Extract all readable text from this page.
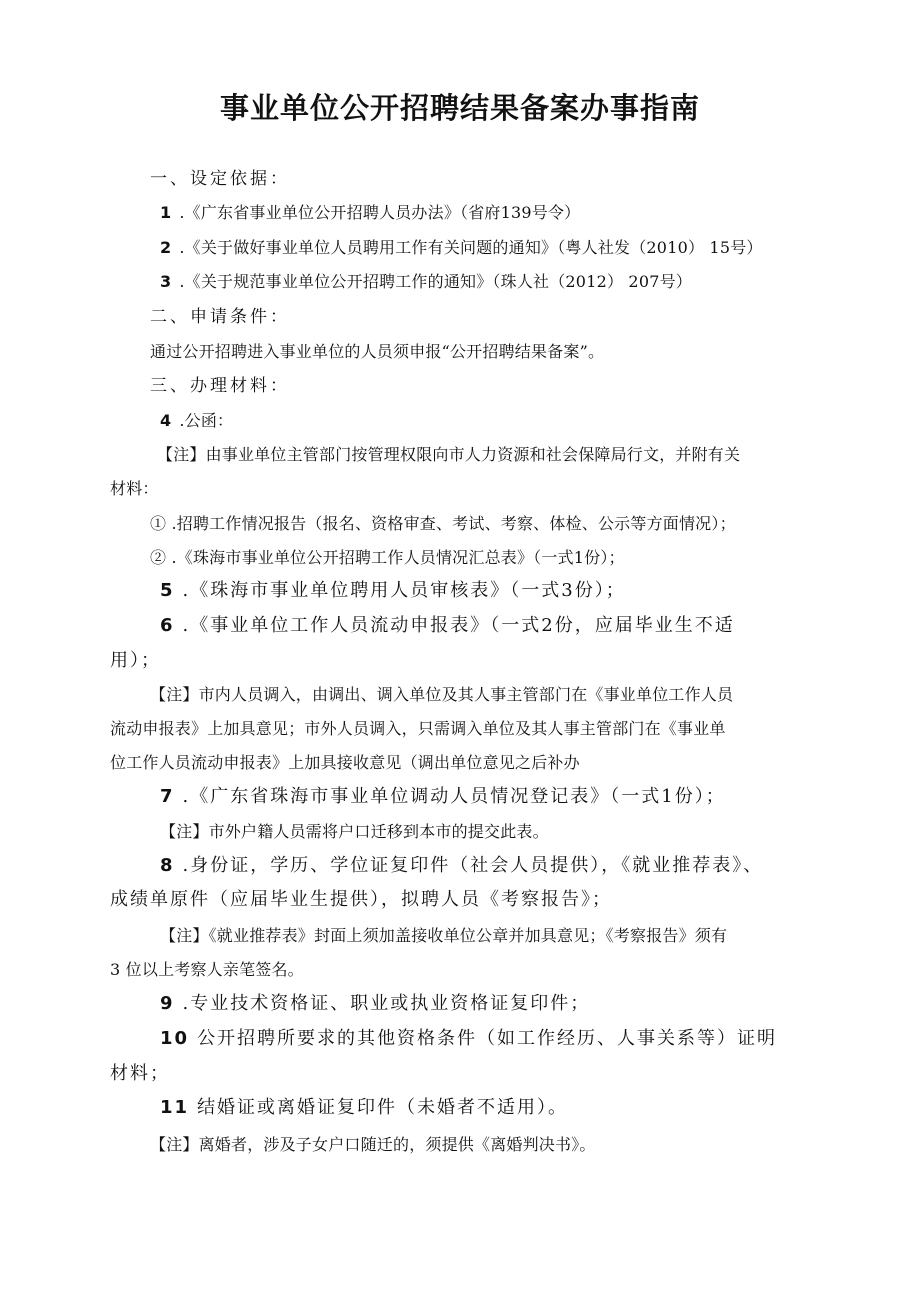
事业单位公开招聘结果备案办事指南

一、设定依据：

1 .《广东省事业单位公开招聘人员办法》（省府139号令）

2 .《关于做好事业单位人员聘用工作有关问题的通知》（粤人社发（2010） 15号）

3 .《关于规范事业单位公开招聘工作的通知》（珠人社（2012） 207号）

二、申请条件：

通过公开招聘进入事业单位的人员须申报“公开招聘结果备案”。

三、办理材料：

4 .公函：

【注】由事业单位主管部门按管理权限向市人力资源和社会保障局行文，并附有关

材料：

① .招聘工作情况报告（报名、资格审查、考试、考察、体检、公示等方面情况）；

② .《珠海市事业单位公开招聘工作人员情况汇总表》（一式1份）；

5 .《珠海市事业单位聘用人员审核表》（一式3份）；

6 .《事业单位工作人员流动申报表》（一式2份，应届毕业生不适

用）；

【注】市内人员调入，由调出、调入单位及其人事主管部门在《事业单位工作人员

流动申报表》上加具意见；市外人员调入，只需调入单位及其人事主管部门在《事业单

位工作人员流动申报表》上加具接收意见（调出单位意见之后补办

7 .《广东省珠海市事业单位调动人员情况登记表》（一式1份）；

【注】市外户籍人员需将户口迁移到本市的提交此表。

8 .身份证，学历、学位证复印件（社会人员提供），《就业推荐表》、

成绩单原件（应届毕业生提供），拟聘人员《考察报告》；

【注】《就业推荐表》封面上须加盖接收单位公章并加具意见；《考察报告》须有

3 位以上考察人亲笔签名。

9 .专业技术资格证、职业或执业资格证复印件；

10 公开招聘所要求的其他资格条件（如工作经历、人事关系等）证明

材料；

11 结婚证或离婚证复印件（未婚者不适用）。

【注】离婚者，涉及子女户口随迁的，须提供《离婚判决书》。
